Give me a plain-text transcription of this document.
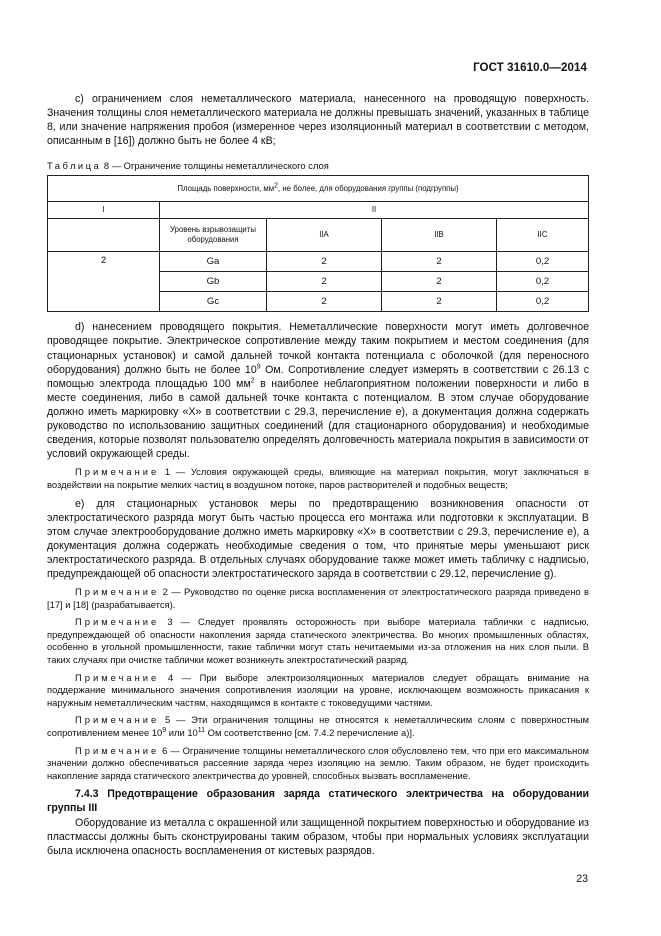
ГОСТ 31610.0—2014

c) ограничением слоя неметаллического материала, нанесенного на проводящую поверхность. Значения толщины слоя неметаллического материала не должны превышать значений, указанных в таблице 8, или значение напряжения пробоя (измеренное через изоляционный материал в соответствии с методом, описанным в [16]) должно быть не более 4 кВ;

Таблица 8 — Ограничение толщины неметаллического слоя
Площадь поверхности, $мм^2$, не более, для оборудования группы (подгруппы)				
I	II			
	Уровень взрывозащиты оборудования	IIA	IIB	IIC
2	Ga	2	2	0,2
	Gb	2	2	0,2
	Gc	2	2	0,2

d) нанесением проводящего покрытия. Неметаллические поверхности могут иметь долговечное проводящее покрытие. Электрическое сопротивление между таким покрытием и местом соединения (для стационарных установок) и самой дальней точкой контакта потенциала с оболочкой (для переносного оборудования) должно быть не более $10^9$ Ом. Сопротивление следует измерять в соответствии с 26.13 с помощью электрода площадью 100 $мм^2$ в наиболее неблагоприятном положении поверхности и либо в месте соединения, либо в самой дальней точке контакта с потенциалом. В этом случае оборудование должно иметь маркировку «X» в соответствии с 29.3, перечисление e), а документация должна содержать руководство по использованию защитных соединений (для стационарного оборудования) и необходимые сведения, которые позволят пользователю определять долговечность материала покрытия в зависимости от условий окружающей среды.

Примечание 1 — Условия окружающей среды, влияющие на материал покрытия, могут заключаться в воздействии на покрытие мелких частиц в воздушном потоке, паров растворителей и подобных веществ;

e) для стационарных установок меры по предотвращению возникновения опасности от электростатического разряда могут быть частью процесса его монтажа или подготовки к эксплуатации. В этом случае электрооборудование должно иметь маркировку «X» в соответствии с 29.3, перечисление e), а документация должна содержать необходимые сведения о том, что принятые меры уменьшают риск электростатического разряда. В отдельных случаях оборудование также может иметь табличку с надписью, предупреждающей об опасности электростатического заряда в соответствии с 29.12, перечисление g).

Примечание 2 — Руководство по оценке риска воспламенения от электростатического разряда приведено в [17] и [18] (разрабатывается).

Примечание 3 — Следует проявлять осторожность при выборе материала таблички с надписью, предупреждающей об опасности накопления заряда статического электричества. Во многих промышленных областях, особенно в угольной промышленности, такие таблички могут стать нечитаемыми из-за отложения на них слоя пыли. В таких случаях при очистке таблички может возникнуть электростатический разряд.

Примечание 4 — При выборе электроизоляционных материалов следует обращать внимание на поддержание минимального значения сопротивления изоляции на уровне, исключающем возможность прикасания к наружным неметаллическим частям, находящимся в контакте с токоведущими частями.

Примечание 5 — Эти ограничения толщины не относятся к неметаллическим слоям с поверхностным сопротивлением менее $10^9$ или $10^{11}$ Ом соответственно [см. 7.4.2 перечисление a)].

Примечание 6 — Ограничение толщины неметаллического слоя обусловлено тем, что при его максимальном значении должно обеспечиваться рассеяние заряда через изоляцию на землю. Таким образом, не будет происходить накопление заряда статического электричества до уровней, способных вызвать воспламенение.

7.4.3 Предотвращение образования заряда статического электричества на оборудовании группы III

Оборудование из металла с окрашенной или защищенной покрытием поверхностью и оборудование из пластмассы должны быть сконструированы таким образом, чтобы при нормальных условиях эксплуатации была исключена опасность воспламенения от кистевых разрядов.

23
